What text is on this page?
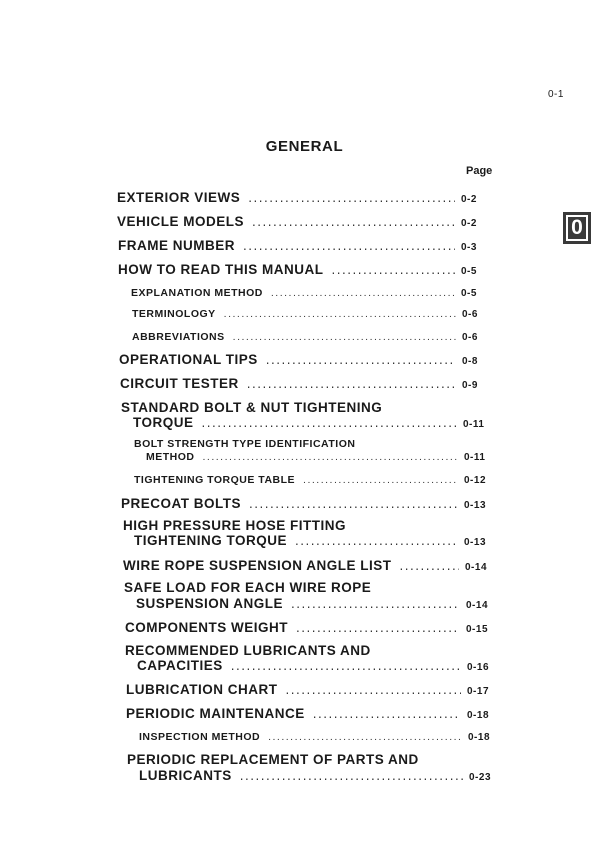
0-1
GENERAL
Page
0
EXTERIOR VIEWS .....	0-2
VEHICLE MODELS .....	0-2
FRAME NUMBER .....	0-3
HOW TO READ THIS MANUAL .....	0-5
EXPLANATION METHOD .....	0-5
TERMINOLOGY .....	0-6
ABBREVIATIONS .....	0-6
OPERATIONAL TIPS .....	0-8
CIRCUIT TESTER .....	0-9
STANDARD BOLT & NUT TIGHTENING
TORQUE .....	0-11
BOLT STRENGTH TYPE IDENTIFICATION
METHOD .....	0-11
TIGHTENING TORQUE TABLE .....	0-12
PRECOAT BOLTS .....	0-13
HIGH PRESSURE HOSE FITTING
TIGHTENING TORQUE .....	0-13
WIRE ROPE SUSPENSION ANGLE LIST .....	0-14
SAFE LOAD FOR EACH WIRE ROPE
SUSPENSION ANGLE .....	0-14
COMPONENTS WEIGHT .....	0-15
RECOMMENDED LUBRICANTS AND
CAPACITIES .....	0-16
LUBRICATION CHART .....	0-17
PERIODIC MAINTENANCE .....	0-18
INSPECTION METHOD .....	0-18
PERIODIC REPLACEMENT OF PARTS AND
LUBRICANTS .....	0-23
